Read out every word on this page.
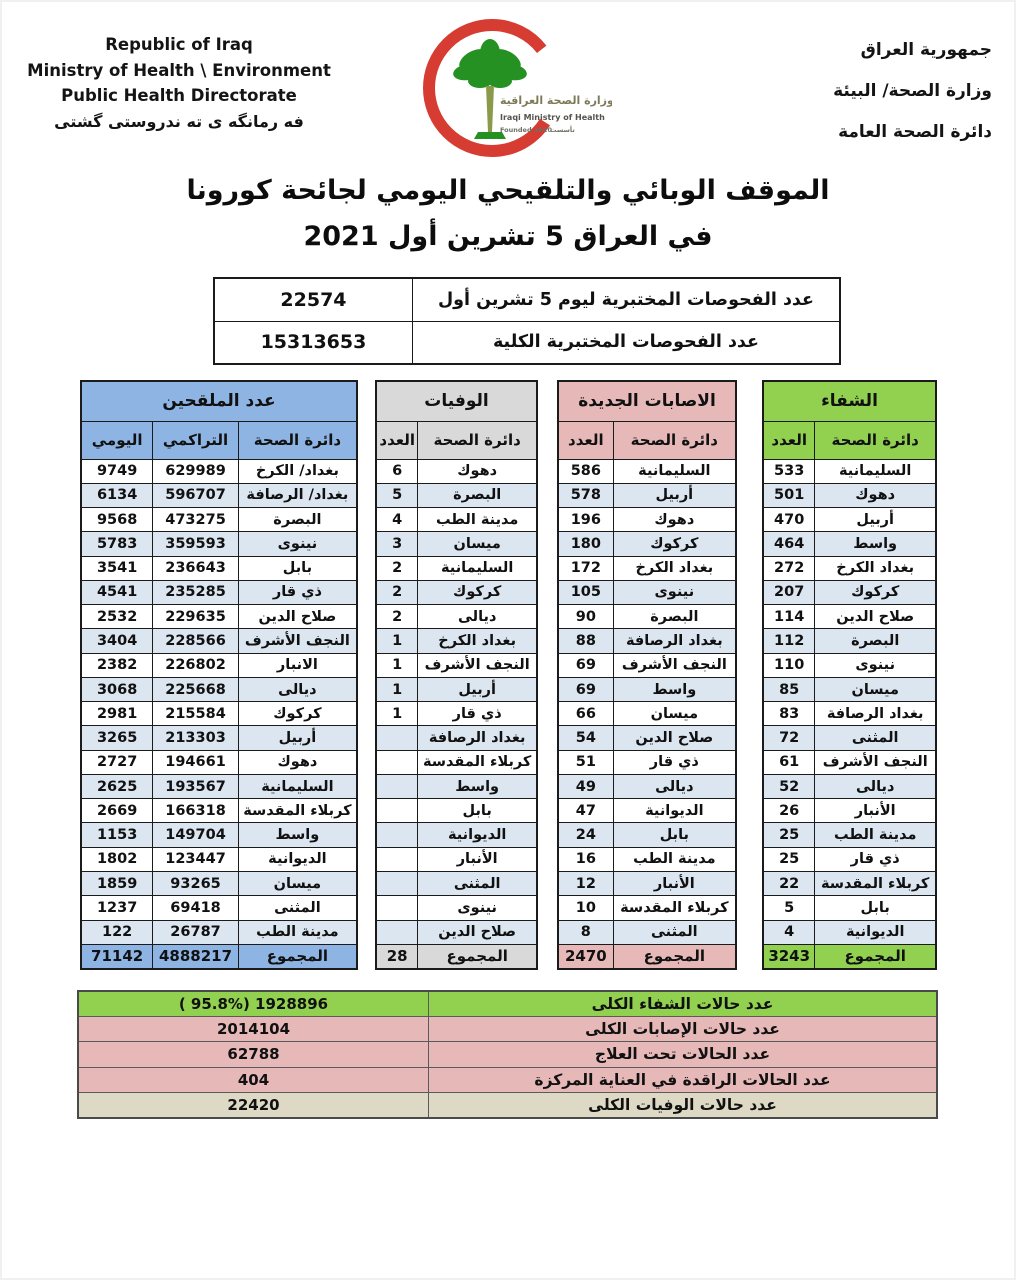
Republic of Iraq
Ministry of Health \ Environment
Public Health Directorate
فه رمانگه ى ته ندروستى گشتى
وزارة الصحة العراقية
Iraqi Ministry of Health
Founded 1920
تأسست
جمهورية العراق
وزارة الصحة/ البيئة
دائرة الصحة العامة
الموقف الوبائي والتلقيحي اليومي لجائحة كورونا
في العراق 5 تشرين أول 2021
22574	عدد الفحوصات المختبرية ليوم 5 تشرين أول
15313653	عدد الفحوصات المختبرية الكلية
عدد الملقحين		
اليومي	التراكمي	دائرة الصحة
9749	629989	بغداد/ الكرخ
6134	596707	بغداد/ الرصافة
9568	473275	البصرة
5783	359593	نينوى
3541	236643	بابل
4541	235285	ذي قار
2532	229635	صلاح الدين
3404	228566	النجف الأشرف
2382	226802	الانبار
3068	225668	ديالى
2981	215584	كركوك
3265	213303	أربيل
2727	194661	دهوك
2625	193567	السليمانية
2669	166318	كربلاء المقدسة
1153	149704	واسط
1802	123447	الديوانية
1859	93265	ميسان
1237	69418	المثنى
122	26787	مدينة الطب
71142	4888217	المجموع
الوفيات	
العدد	دائرة الصحة
6	دهوك
5	البصرة
4	مدينة الطب
3	ميسان
2	السليمانية
2	كركوك
2	ديالى
1	بغداد الكرخ
1	النجف الأشرف
1	أربيل
1	ذي قار
	بغداد الرصافة
	كربلاء المقدسة
	واسط
	بابل
	الديوانية
	الأنبار
	المثنى
	نينوى
	صلاح الدين
28	المجموع
الاصابات الجديدة	
العدد	دائرة الصحة
586	السليمانية
578	أربيل
196	دهوك
180	كركوك
172	بغداد الكرخ
105	نينوى
90	البصرة
88	بغداد الرصافة
69	النجف الأشرف
69	واسط
66	ميسان
54	صلاح الدين
51	ذي قار
49	ديالى
47	الديوانية
24	بابل
16	مدينة الطب
12	الأنبار
10	كربلاء المقدسة
8	المثنى
2470	المجموع
الشفاء	
العدد	دائرة الصحة
533	السليمانية
501	دهوك
470	أربيل
464	واسط
272	بغداد الكرخ
207	كركوك
114	صلاح الدين
112	البصرة
110	نينوى
85	ميسان
83	بغداد الرصافة
72	المثنى
61	النجف الأشرف
52	ديالى
26	الأنبار
25	مدينة الطب
25	ذي قار
22	كربلاء المقدسة
5	بابل
4	الديوانية
3243	المجموع
( 95.8%) 1928896	عدد حالات الشفاء الكلى
2014104	عدد حالات الإصابات الكلى
62788	عدد الحالات تحت العلاج
404	عدد الحالات الراقدة في العناية المركزة
22420	عدد حالات الوفيات الكلى
